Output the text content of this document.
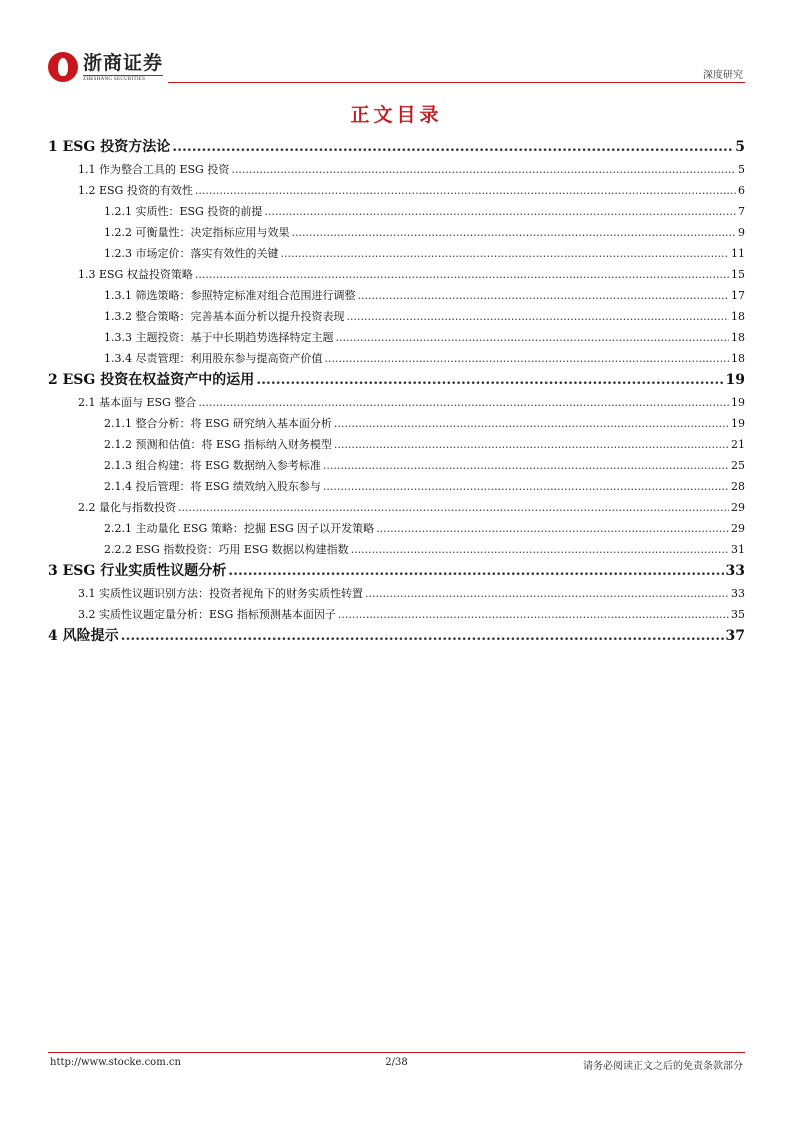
浙商证券
ZHESHANG SECURITIES	深度研究
正文目录
1 ESG 投资方法论 .....	5
1.1 作为整合工具的 ESG 投资 .....	5
1.2 ESG 投资的有效性 .....	6
1.2.1 实质性：ESG 投资的前提 .....	7
1.2.2 可衡量性：决定指标应用与效果 .....	9
1.2.3 市场定价：落实有效性的关键 .....	11
1.3 ESG 权益投资策略 .....	15
1.3.1 筛选策略：参照特定标准对组合范围进行调整 .....	17
1.3.2 整合策略：完善基本面分析以提升投资表现 .....	18
1.3.3 主题投资：基于中长期趋势选择特定主题 .....	18
1.3.4 尽责管理：利用股东参与提高资产价值 .....	18
2 ESG 投资在权益资产中的运用 .....	19
2.1 基本面与 ESG 整合 .....	19
2.1.1 整合分析：将 ESG 研究纳入基本面分析 .....	19
2.1.2 预测和估值：将 ESG 指标纳入财务模型 .....	21
2.1.3 组合构建：将 ESG 数据纳入参考标准 .....	25
2.1.4 投后管理：将 ESG 绩效纳入股东参与 .....	28
2.2 量化与指数投资 .....	29
2.2.1 主动量化 ESG 策略：挖掘 ESG 因子以开发策略 .....	29
2.2.2 ESG 指数投资：巧用 ESG 数据以构建指数 .....	31
3 ESG 行业实质性议题分析 .....	33
3.1 实质性议题识别方法：投资者视角下的财务实质性转置 .....	33
3.2 实质性议题定量分析：ESG 指标预测基本面因子 .....	35
4 风险提示 .....	37
http://www.stocke.com.cn	2/38	请务必阅读正文之后的免责条款部分
